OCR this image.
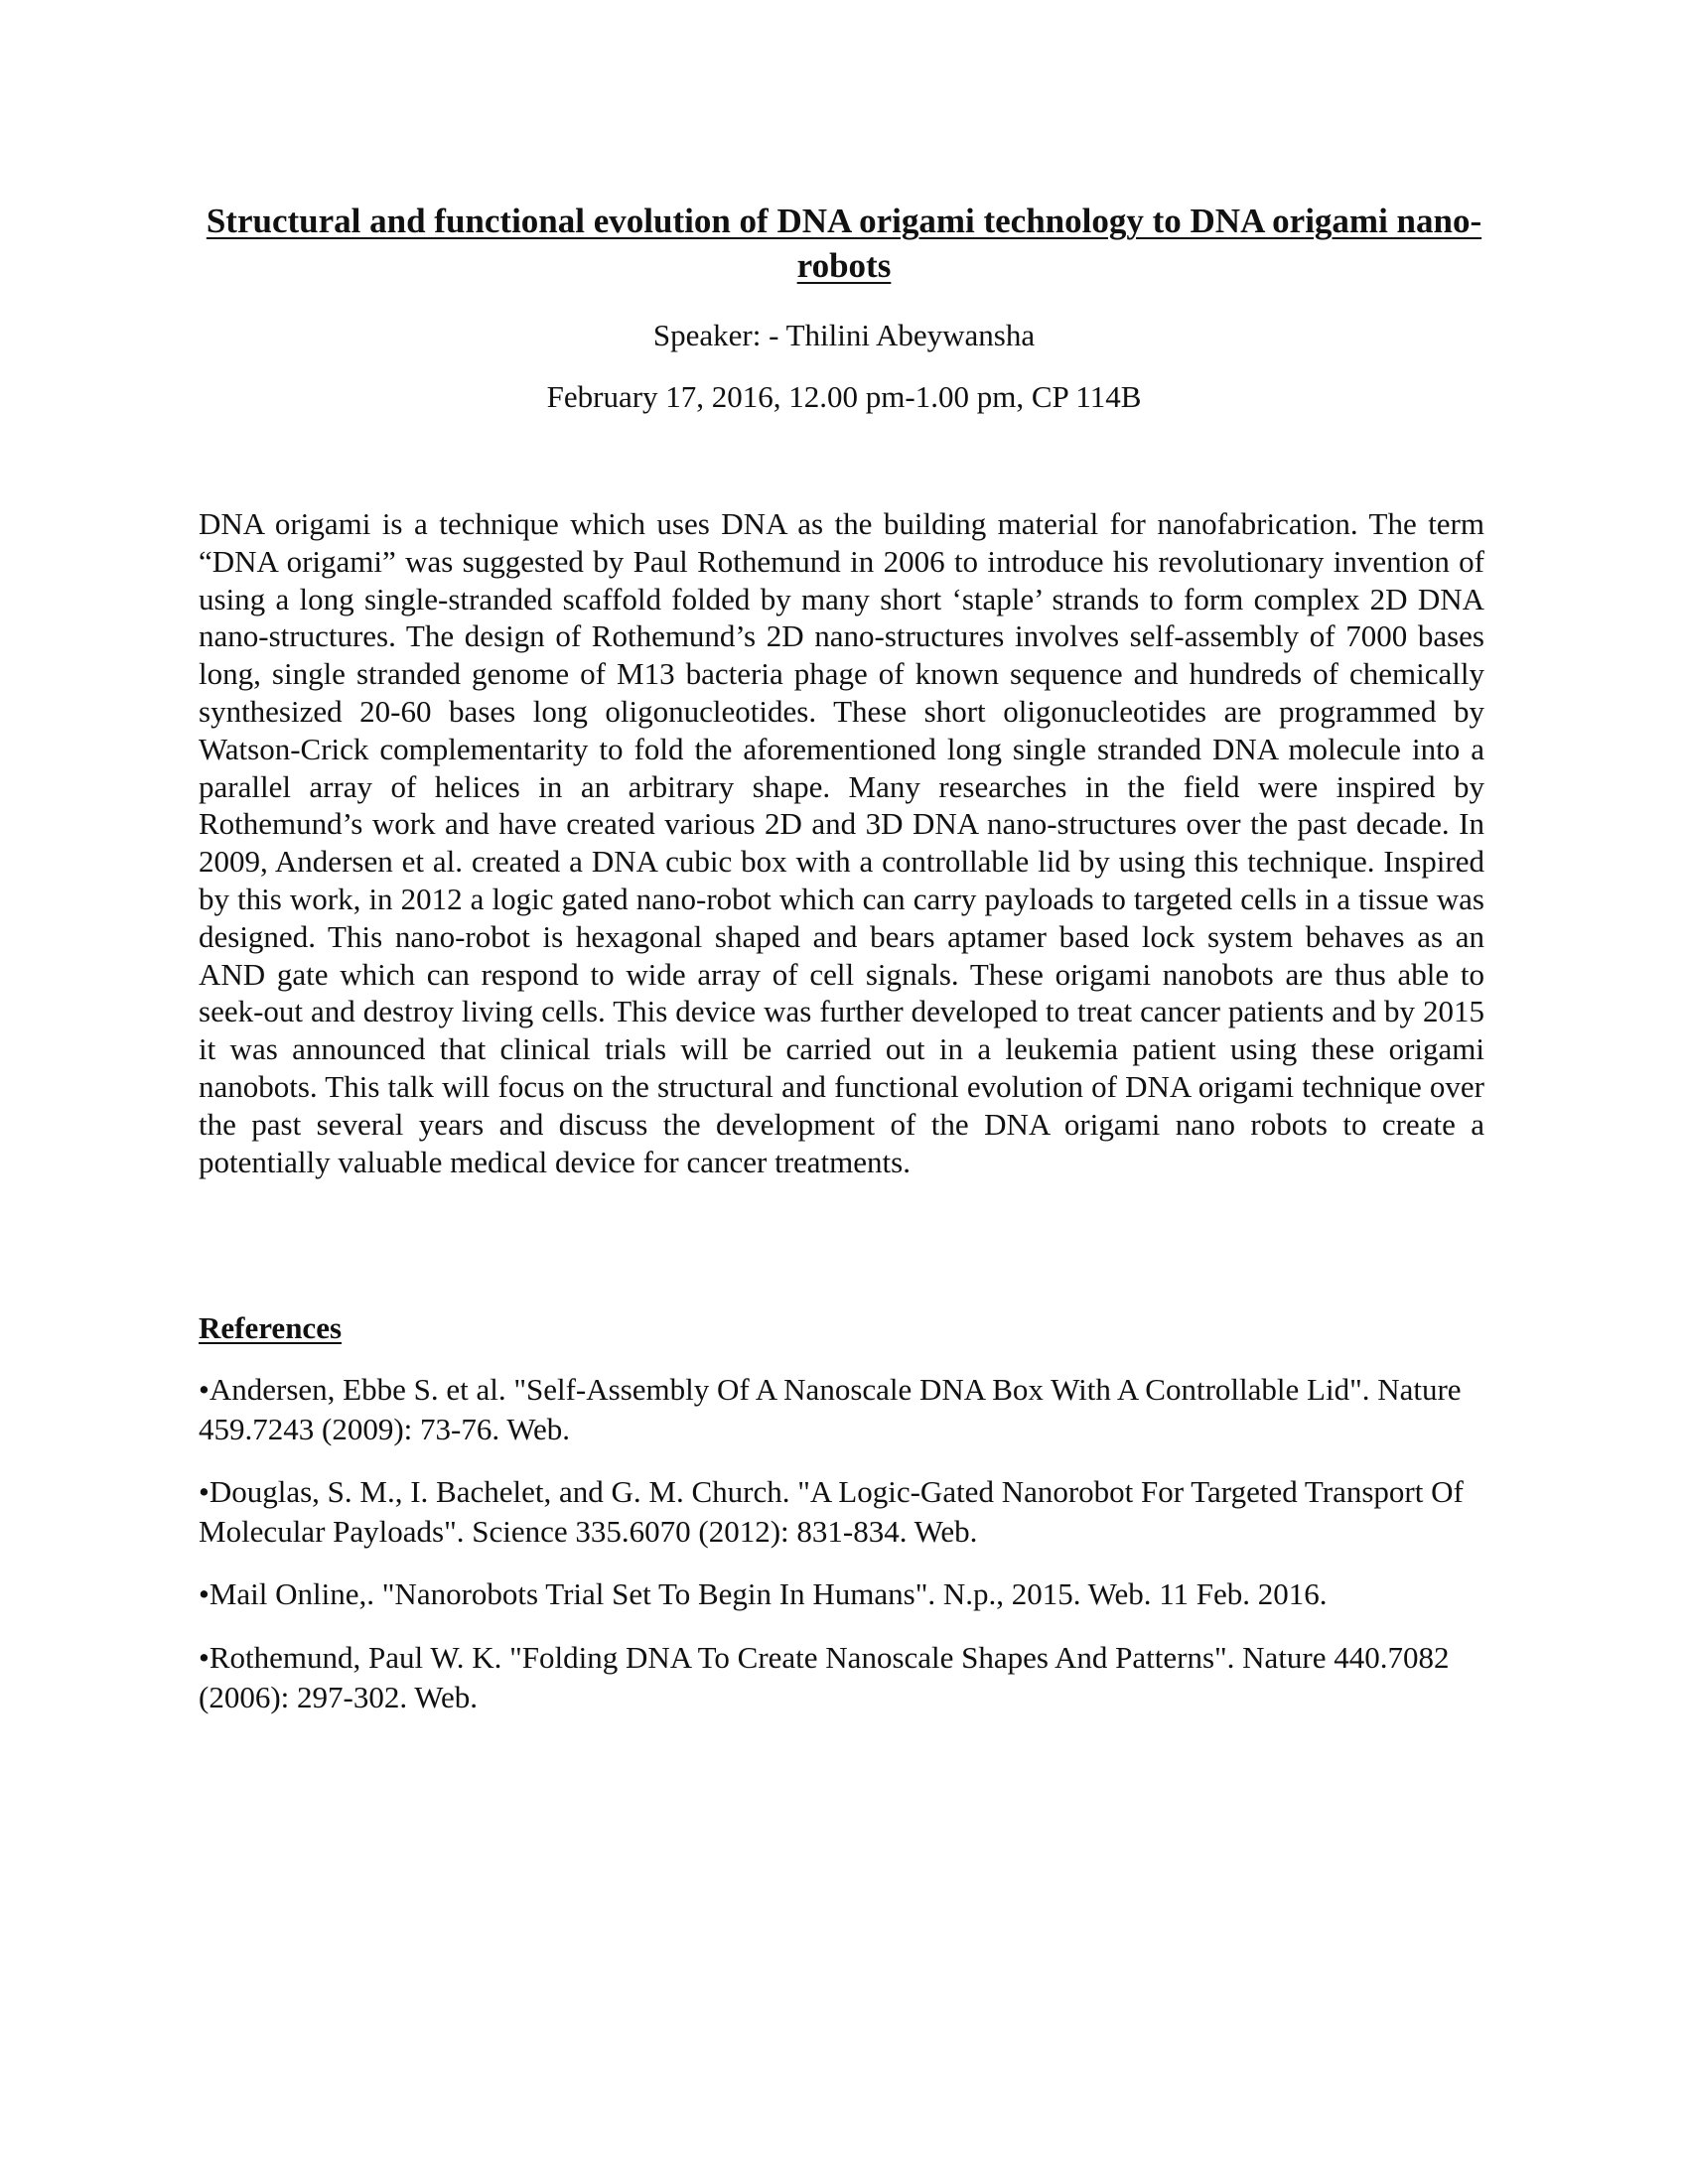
Structural and functional evolution of DNA origami technology to DNA origami nano-robots
Speaker: - Thilini Abeywansha
February 17, 2016, 12.00 pm-1.00 pm, CP 114B

DNA origami is a technique which uses DNA as the building material for nanofabrication. The term “DNA origami” was suggested by Paul Rothemund in 2006 to introduce his revolutionary invention of using a long single-stranded scaffold folded by many short ‘staple’ strands to form complex 2D DNA nano-structures. The design of Rothemund’s 2D nano-structures involves self-assembly of 7000 bases long, single stranded genome of M13 bacteria phage of known sequence and hundreds of chemically synthesized 20-60 bases long oligonucleotides. These short oligonucleotides are programmed by Watson-Crick complementarity to fold the aforementioned long single stranded DNA molecule into a parallel array of helices in an arbitrary shape. Many researches in the field were inspired by Rothemund’s work and have created various 2D and 3D DNA nano-structures over the past decade. In 2009, Andersen et al. created a DNA cubic box with a controllable lid by using this technique. Inspired by this work, in 2012 a logic gated nano-robot which can carry payloads to targeted cells in a tissue was designed. This nano-robot is hexagonal shaped and bears aptamer based lock system behaves as an AND gate which can respond to wide array of cell signals. These origami nanobots are thus able to seek-out and destroy living cells. This device was further developed to treat cancer patients and by 2015 it was announced that clinical trials will be carried out in a leukemia patient using these origami nanobots. This talk will focus on the structural and functional evolution of DNA origami technique over the past several years and discuss the development of the DNA origami nano robots to create a potentially valuable medical device for cancer treatments.

References
•Andersen, Ebbe S. et al. "Self-Assembly Of A Nanoscale DNA Box With A Controllable Lid". Nature 459.7243 (2009): 73-76. Web.
•Douglas, S. M., I. Bachelet, and G. M. Church. "A Logic-Gated Nanorobot For Targeted Transport Of Molecular Payloads". Science 335.6070 (2012): 831-834. Web.
•Mail Online,. "Nanorobots Trial Set To Begin In Humans". N.p., 2015. Web. 11 Feb. 2016.
•Rothemund, Paul W. K. "Folding DNA To Create Nanoscale Shapes And Patterns". Nature 440.7082 (2006): 297-302. Web.
